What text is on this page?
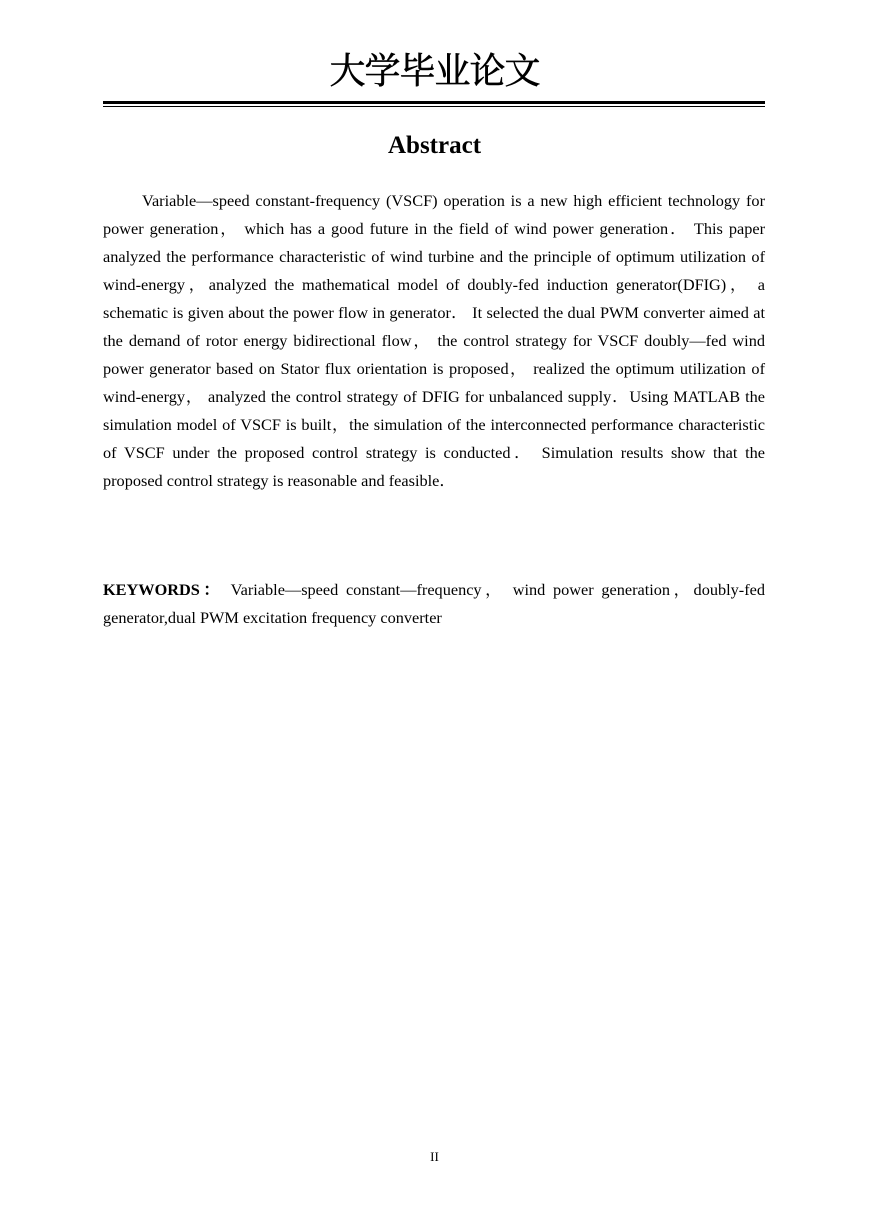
大学毕业论文
Abstract

Variable—speed constant-frequency (VSCF) operation is a new high efficient technology for power generation， which has a good future in the field of wind power generation． This paper analyzed the performance characteristic of wind turbine and the principle of optimum utilization of wind-energy，analyzed the mathematical model of doubly-fed induction generator(DFIG)， a schematic is given about the power flow in generator． It selected the dual PWM converter aimed at the demand of rotor energy bidirectional flow， the control strategy for VSCF doubly—fed wind power generator based on Stator flux orientation is proposed， realized the optimum utilization of wind-energy， analyzed the control strategy of DFIG for unbalanced supply．Using MATLAB the simulation model of VSCF is built，the simulation of the interconnected performance characteristic of VSCF under the proposed control strategy is conducted． Simulation results show that the proposed control strategy is reasonable and feasible．

KEYWORDS： Variable—speed constant—frequency， wind power generation，doubly-fed generator,dual PWM excitation frequency converter

II
